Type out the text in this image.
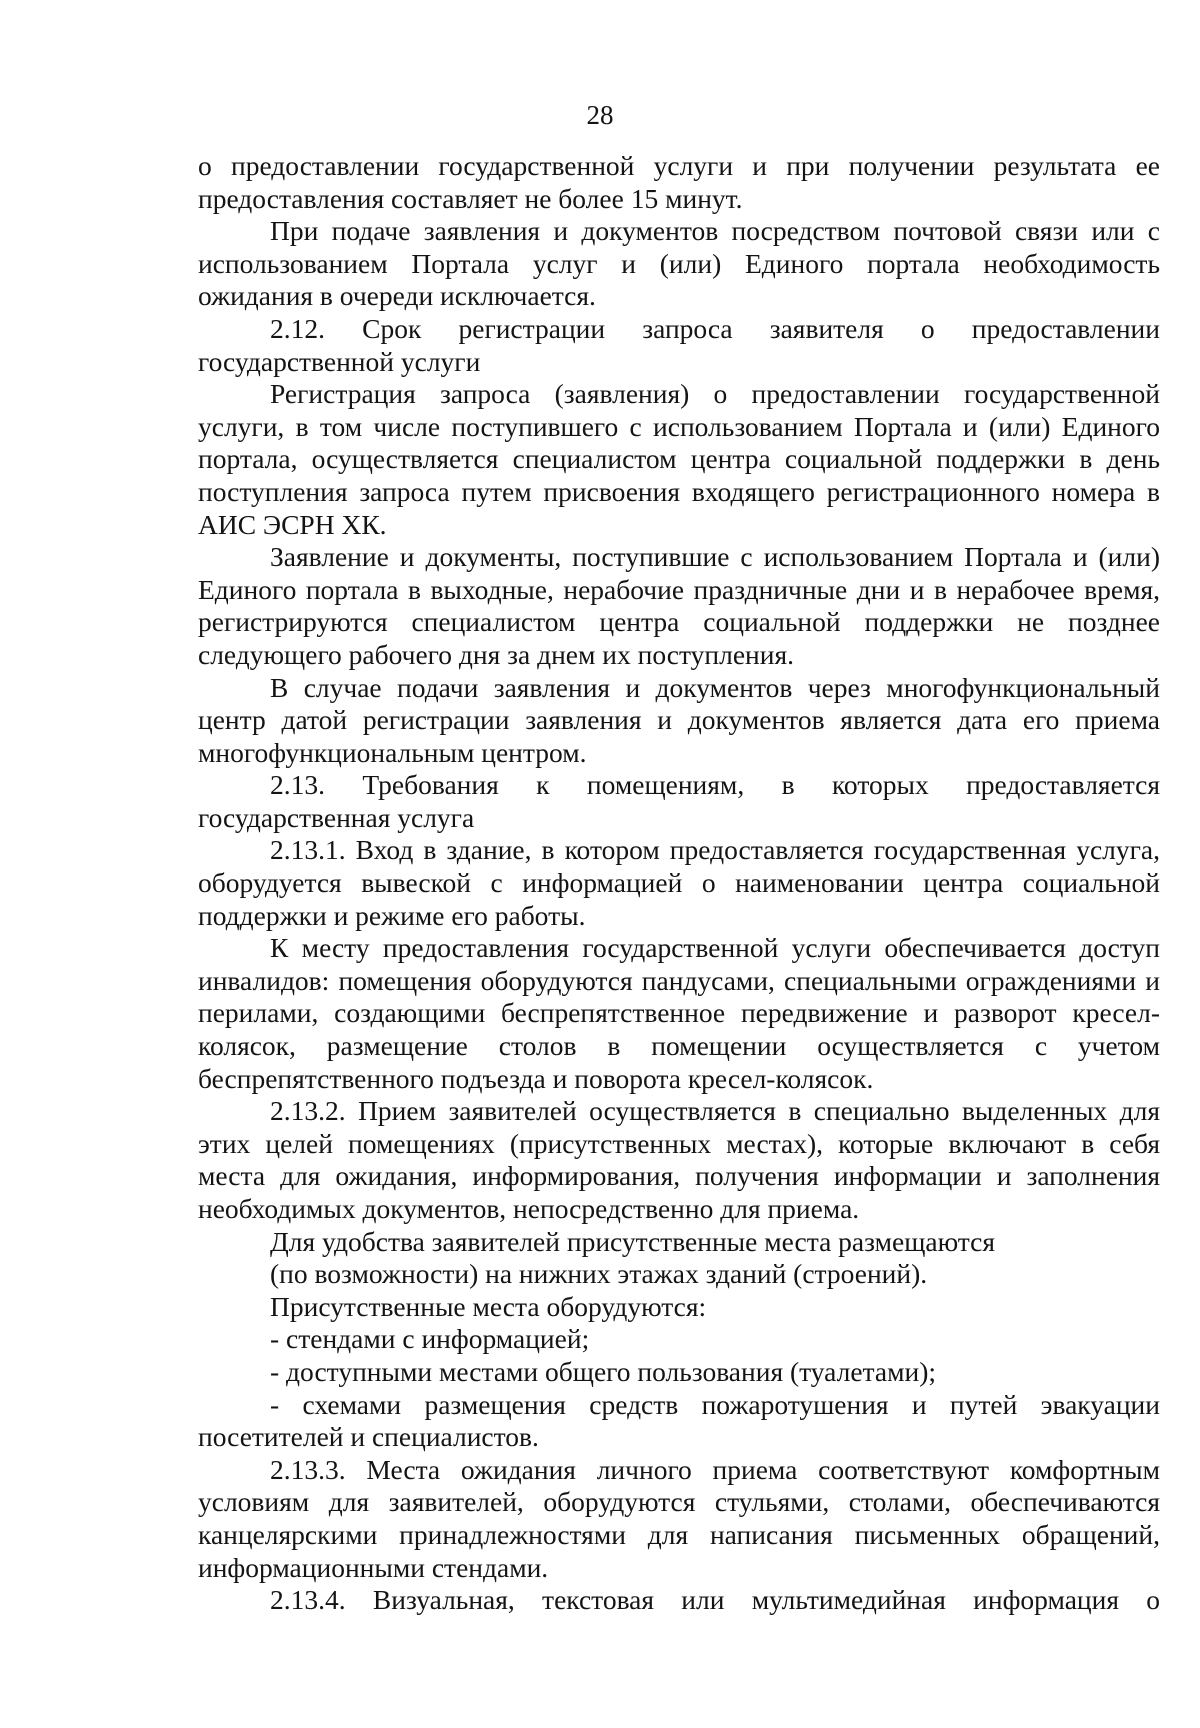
28

о предоставлении государственной услуги и при получении результата ее предоставления составляет не более 15 минут.

При подаче заявления и документов посредством почтовой связи или с использованием Портала услуг и (или) Единого портала необходимость ожидания в очереди исключается.

2.12. Срок регистрации запроса заявителя о предоставлении государственной услуги

Регистрация запроса (заявления) о предоставлении государственной услуги, в том числе поступившего с использованием Портала и (или) Единого портала, осуществляется специалистом центра социальной поддержки в день поступления запроса путем присвоения входящего регистрационного номера в АИС ЭСРН ХК.

Заявление и документы, поступившие с использованием Портала и (или) Единого портала в выходные, нерабочие праздничные дни и в нерабочее время, регистрируются специалистом центра социальной поддержки не позднее следующего рабочего дня за днем их поступления.

В случае подачи заявления и документов через многофункциональный центр датой регистрации заявления и документов является дата его приема многофункциональным центром.

2.13. Требования к помещениям, в которых предоставляется государственная услуга

2.13.1. Вход в здание, в котором предоставляется государственная услуга, оборудуется вывеской с информацией о наименовании центра социальной поддержки и режиме его работы.

К месту предоставления государственной услуги обеспечивается доступ инвалидов: помещения оборудуются пандусами, специальными ограждениями и перилами, создающими беспрепятственное передвижение и разворот кресел-колясок, размещение столов в помещении осуществляется с учетом беспрепятственного подъезда и поворота кресел-колясок.

2.13.2. Прием заявителей осуществляется в специально выделенных для этих целей помещениях (присутственных местах), которые включают в себя места для ожидания, информирования, получения информации и заполнения необходимых документов, непосредственно для приема.

Для удобства заявителей присутственные места размещаются

(по возможности) на нижних этажах зданий (строений).

Присутственные места оборудуются:

- стендами с информацией;

- доступными местами общего пользования (туалетами);

- схемами размещения средств пожаротушения и путей эвакуации посетителей и специалистов.

2.13.3. Места ожидания личного приема соответствуют комфортным условиям для заявителей, оборудуются стульями, столами, обеспечиваются канцелярскими принадлежностями для написания письменных обращений, информационными стендами.

2.13.4. Визуальная, текстовая или мультимедийная информация о
